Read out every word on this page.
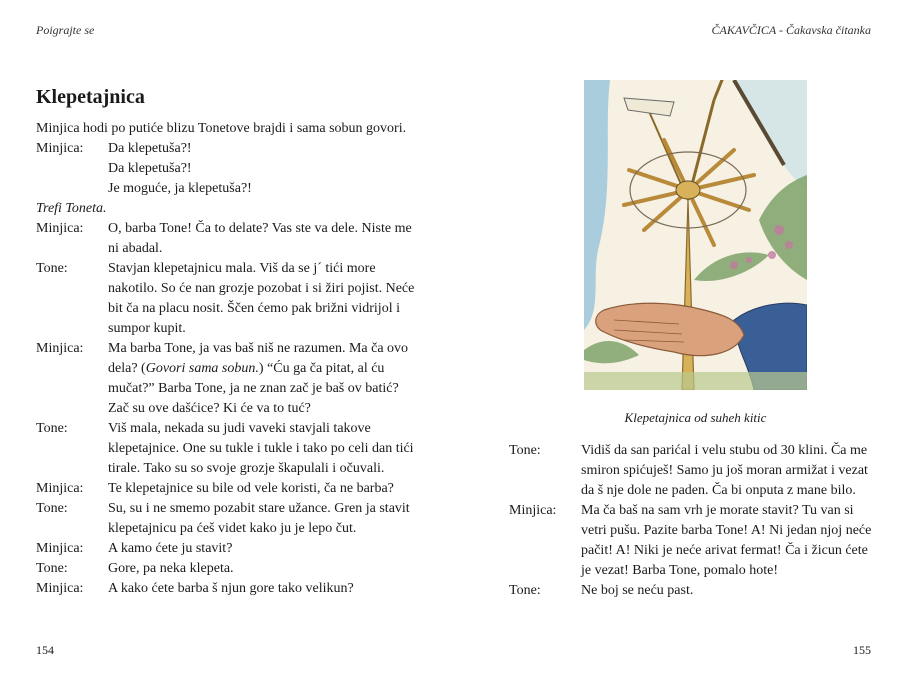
Poigrajte se	ČAKAVČICA - Čakavska čitanka
Klepetajnica
Minjica hodi po putiće blizu Tonetove brajdi i sama sobun govori.
Minjica:	Da klepetuša?!
Da klepetuša?!
Je moguće, ja klepetuša?!
Trefi Toneta.
Minjica:	O, barba Tone! Ča to delate? Vas ste va dele. Niste me ni abadal.
Tone:	Stavjan klepetajnicu mala. Viš da se j´ tići more nakotilo. So će nan grozje pozobat i si žiri pojist. Neće bit ča na placu nosit. Ščen ćemo pak brižni vidrijol i sumpor kupit.
Minjica:	Ma barba Tone, ja vas baš niš ne razumen. Ma ča ovo dela? (Govori sama sobun.) “Ću ga ča pitat, al ću mučat?” Barba Tone, ja ne znan zač je baš ov batić? Zač su ove dašćice? Ki će va to tuć?
Tone:	Viš mala, nekada su judi vaveki stavjali takove klepetajnice. One su tukle i tukle i tako po celi dan tići tirale. Tako su so svoje grozje škapulali i očuvali.
Minjica:	Te klepetajnice su bile od vele koristi, ča ne barba?
Tone:	Su, su i ne smemo pozabit stare užance. Gren ja stavit klepetajnicu pa ćeš videt kako ju je lepo čut.
Minjica:	A kamo ćete ju stavit?
Tone:	Gore, pa neka klepeta.
Minjica:	A kako ćete barba š njun gore tako velikun?
Klepetajnica od suheh kitic
Tone:	Vidiš da san parićal i velu stubu od 30 klini. Ča me smiron spićuješ! Samo ju još moran armižat i vezat da š nje dole ne paden. Ča bi onputa z mane bilo.
Minjica:	Ma ča baš na sam vrh je morate stavit? Tu van si vetri pušu. Pazite barba Tone! A! Ni jedan njoj neće pačit! A! Niki je neće arivat fermat! Ča i žicun ćete je vezat! Barba Tone, pomalo hote!
Tone:	Ne boj se neću past.
154	155
